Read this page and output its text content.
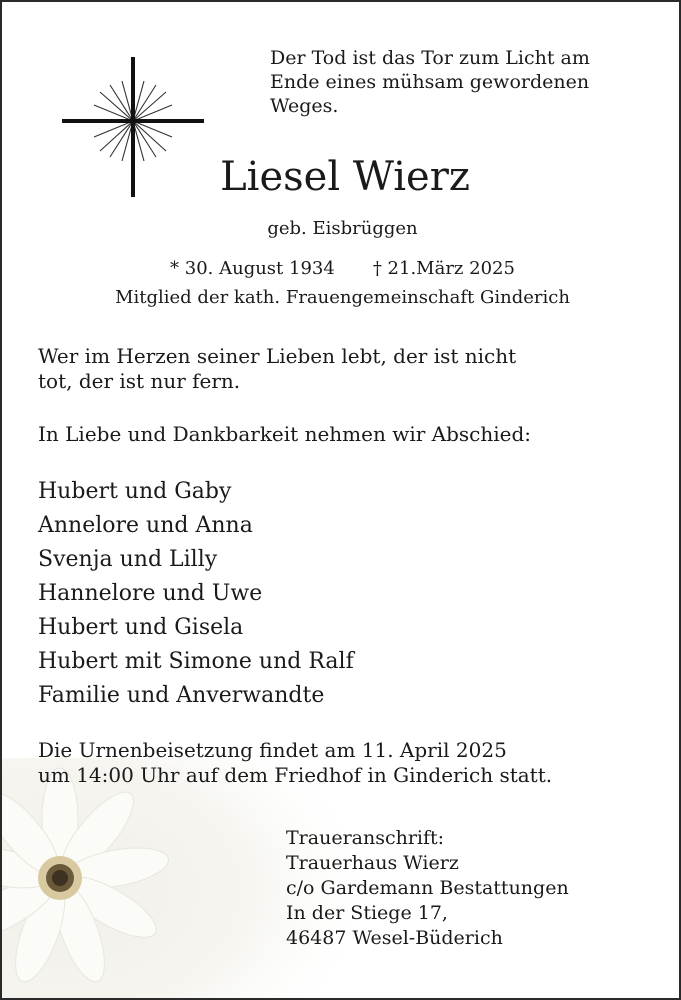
Der Tod ist das Tor zum Licht am
Ende eines mühsam gewordenen
Weges.
Liesel Wierz
geb. Eisbrüggen
* 30. August 1934 † 21.März 2025
Mitglied der kath. Frauengemeinschaft Ginderich
Wer im Herzen seiner Lieben lebt, der ist nicht
tot, der ist nur fern.
In Liebe und Dankbarkeit nehmen wir Abschied:
Hubert und Gaby
Annelore und Anna
Svenja und Lilly
Hannelore und Uwe
Hubert und Gisela
Hubert mit Simone und Ralf
Familie und Anverwandte
Die Urnenbeisetzung findet am 11. April 2025
um 14:00 Uhr auf dem Friedhof in Ginderich statt.
Traueranschrift:
Trauerhaus Wierz
c/o Gardemann Bestattungen
In der Stiege 17,
46487 Wesel-Büderich
